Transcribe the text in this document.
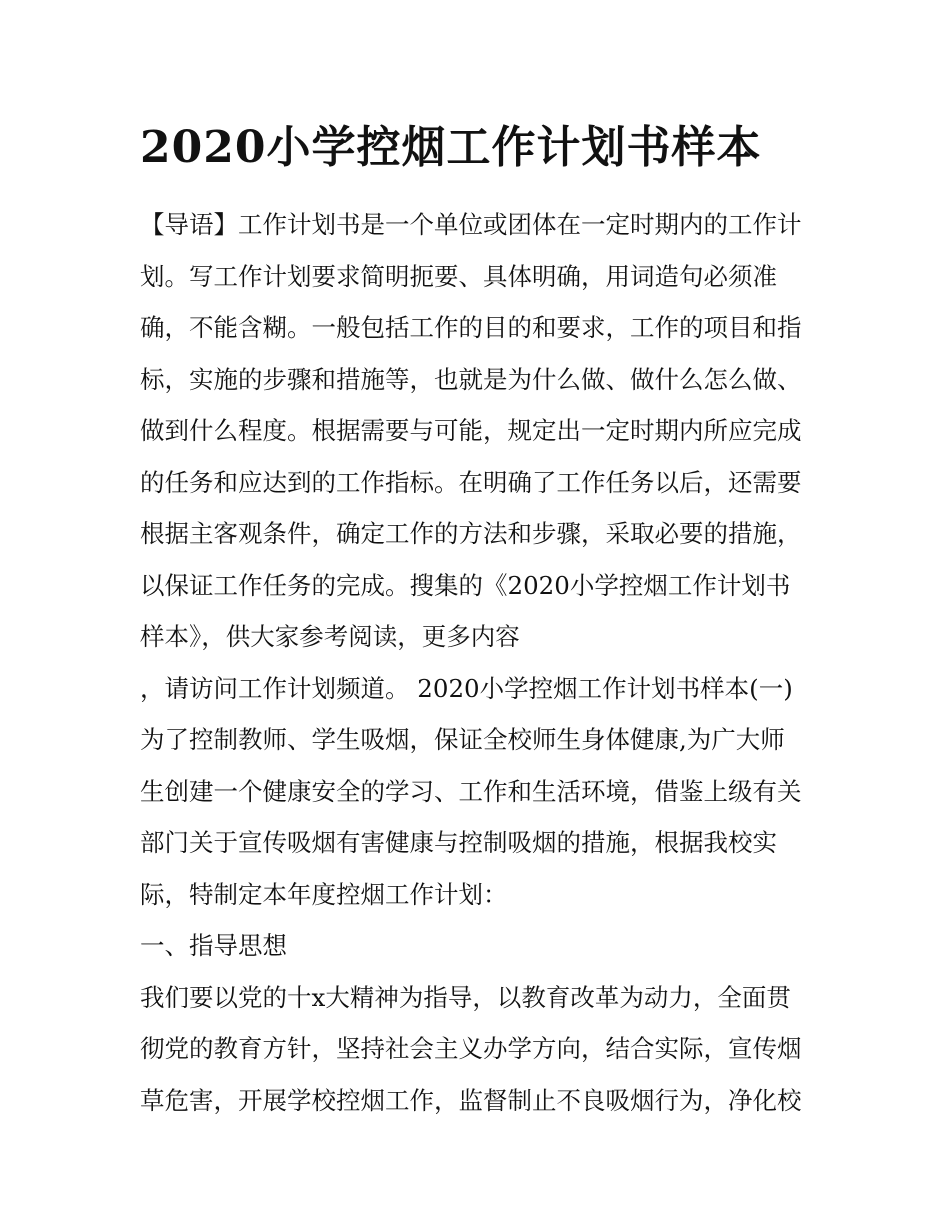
2020小学控烟工作计划书样本
【导语】工作计划书是一个单位或团体在一定时期内的工作计
划。写工作计划要求简明扼要、具体明确，用词造句必须准
确，不能含糊。一般包括工作的目的和要求，工作的项目和指
标，实施的步骤和措施等，也就是为什么做、做什么怎么做、
做到什么程度。根据需要与可能，规定出一定时期内所应完成
的任务和应达到的工作指标。在明确了工作任务以后，还需要
根据主客观条件，确定工作的方法和步骤，采取必要的措施，
以保证工作任务的完成。搜集的《2020小学控烟工作计划书
样本》，供大家参考阅读，更多内容
，请访问工作计划频道。 2020小学控烟工作计划书样本(一)
为了控制教师、学生吸烟，保证全校师生身体健康,为广大师
生创建一个健康安全的学习、工作和生活环境，借鉴上级有关
部门关于宣传吸烟有害健康与控制吸烟的措施，根据我校实
际，特制定本年度控烟工作计划：
一、指导思想
我们要以党的十x大精神为指导，以教育改革为动力，全面贯
彻党的教育方针，坚持社会主义办学方向，结合实际，宣传烟
草危害，开展学校控烟工作，监督制止不良吸烟行为，净化校
